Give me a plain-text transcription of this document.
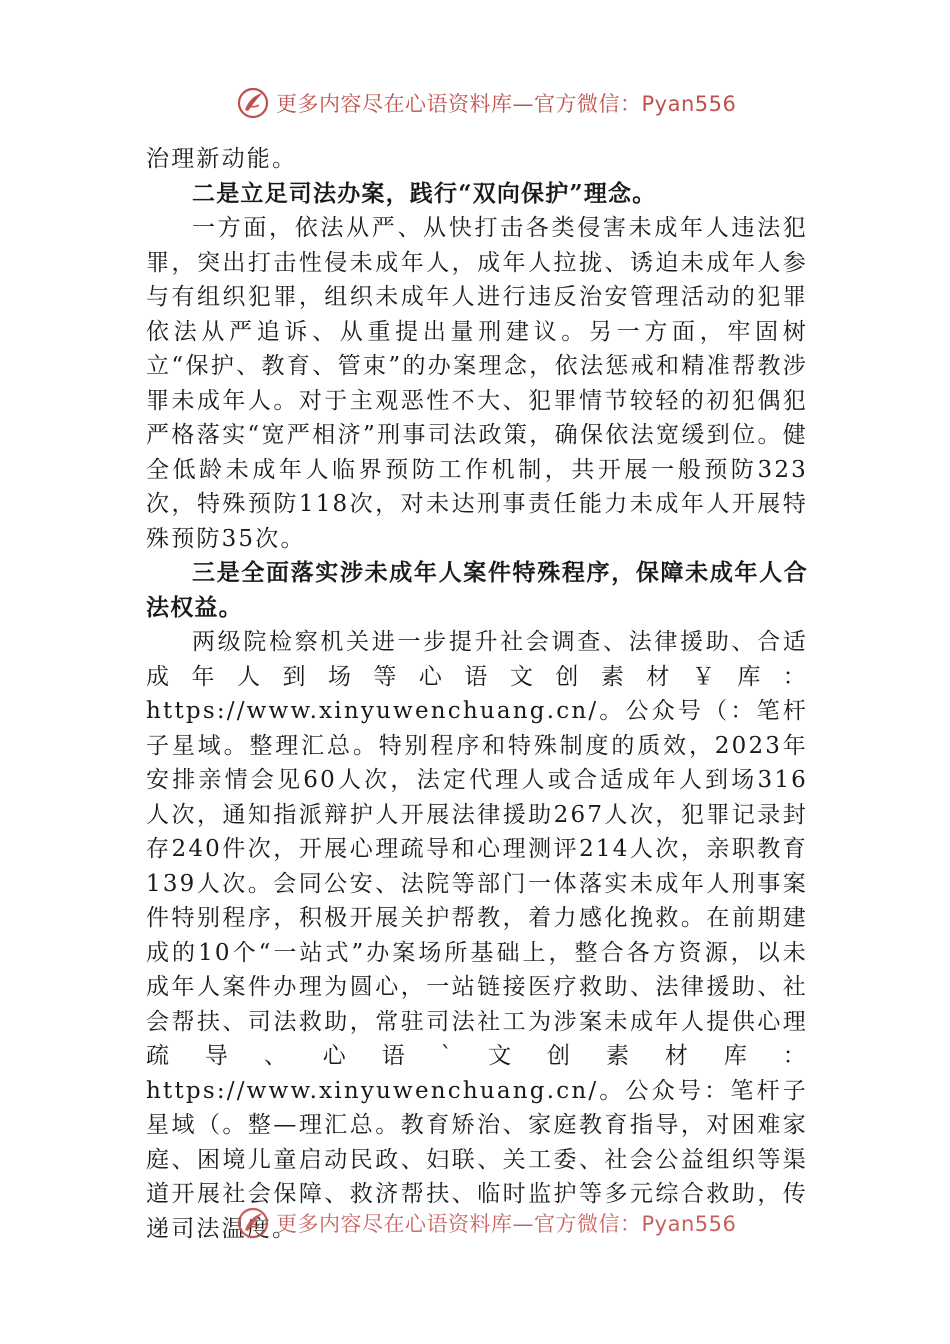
更多内容尽在心语资料库—官方微信：Pyan556

治理新动能。

二是立足司法办案，践行“双向保护”理念。

一方面，依法从严、从快打击各类侵害未成年人违法犯罪，突出打击性侵未成年人，成年人拉拢、诱迫未成年人参与有组织犯罪，组织未成年人进行违反治安管理活动的犯罪依法从严追诉、从重提出量刑建议。另一方面，牢固树立“保护、教育、管束”的办案理念，依法惩戒和精准帮教涉罪未成年人。对于主观恶性不大、犯罪情节较轻的初犯偶犯严格落实“宽严相济”刑事司法政策，确保依法宽缓到位。健全低龄未成年人临界预防工作机制，共开展一般预防323次，特殊预防118次，对未达刑事责任能力未成年人开展特殊预防35次。

三是全面落实涉未成年人案件特殊程序，保障未成年人合法权益。

两级院检察机关进一步提升社会调查、法律援助、合适成年人到场等心语文创素材￥库：https://www.xinyuwenchuang.cn/。公众号（：笔杆子星域。整理汇总。特别程序和特殊制度的质效，2023年安排亲情会见60人次，法定代理人或合适成年人到场316人次，通知指派辩护人开展法律援助267人次，犯罪记录封存240件次，开展心理疏导和心理测评214人次，亲职教育139人次。会同公安、法院等部门一体落实未成年人刑事案件特别程序，积极开展关护帮教，着力感化挽救。在前期建成的10个“一站式”办案场所基础上，整合各方资源，以未成年人案件办理为圆心，一站链接医疗救助、法律援助、社会帮扶、司法救助，常驻司法社工为涉案未成年人提供心理疏导、心语`文创素材库：https://www.xinyuwenchuang.cn/。公众号：笔杆子星域（。整—理汇总。教育矫治、家庭教育指导，对困难家庭、困境儿童启动民政、妇联、关工委、社会公益组织等渠道开展社会保障、救济帮扶、临时监护等多元综合救助，传递司法温度。

更多内容尽在心语资料库—官方微信：Pyan556
